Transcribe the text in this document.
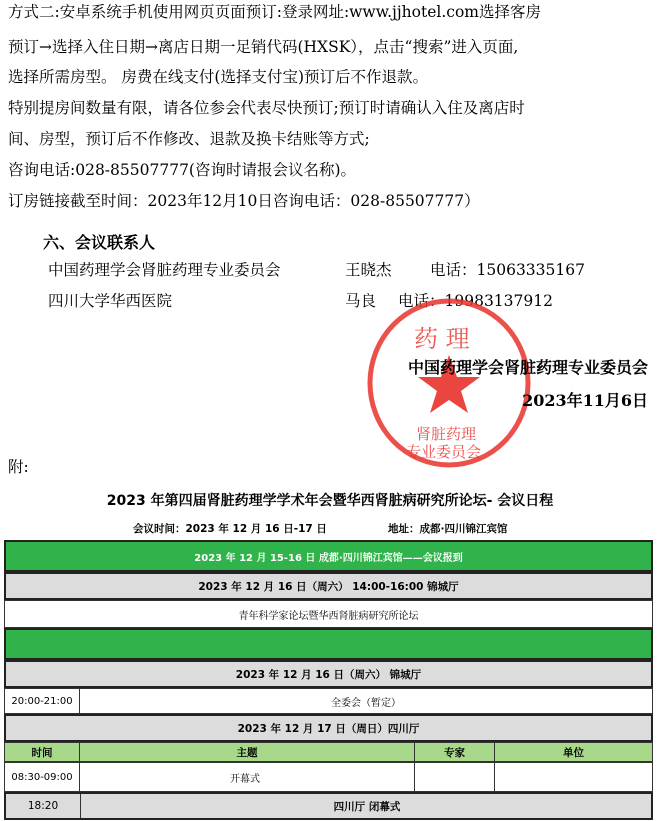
方式二:安卓系统手机使用网页页面预订:登录网址:www.jjhotel.com选择客房
预订→选择入住日期→离店日期一足销代码(HXSK），点击“搜索”进入页面,
选择所需房型。 房费在线支付(选择支付宝)预订后不作退款。
特别提房间数量有限，请各位参会代表尽快预订;预订时请确认入住及离店时
间、房型，预订后不作修改、退款及换卡结账等方式;
咨询电话:028-85507777(咨询时请报会议名称)。
订房链接截至时间：2023年12月10日咨询电话：028-85507777）
六、会议联系人
中国药理学会肾脏药理专业委员会	王晓杰 电话：15063335167
四川大学华西医院	马良 电话：19983137912
药 理
肾脏药理
专业委员会
中国药理学会肾脏药理专业委员会
2023年11月6日
附:
2023 年第四届肾脏药理学学术年会暨华西肾脏病研究所论坛- 会议日程
会议时间：2023 年 12 月 16 日-17 日	地址：成都·四川锦江宾馆
2023 年 12 月 15-16 日 成都·四川锦江宾馆——会议报到
2023 年 12 月 16 日（周六） 14:00-16:00 锦城厅
青年科学家论坛暨华西肾脏病研究所论坛
2023 年 12 月 16 日（周六） 锦城厅
20:00-21:00	全委会（暂定）
2023 年 12 月 17 日（周日）四川厅
时间	主题	专家	单位
08:30-09:00	开幕式
18:20	四川厅 闭幕式
